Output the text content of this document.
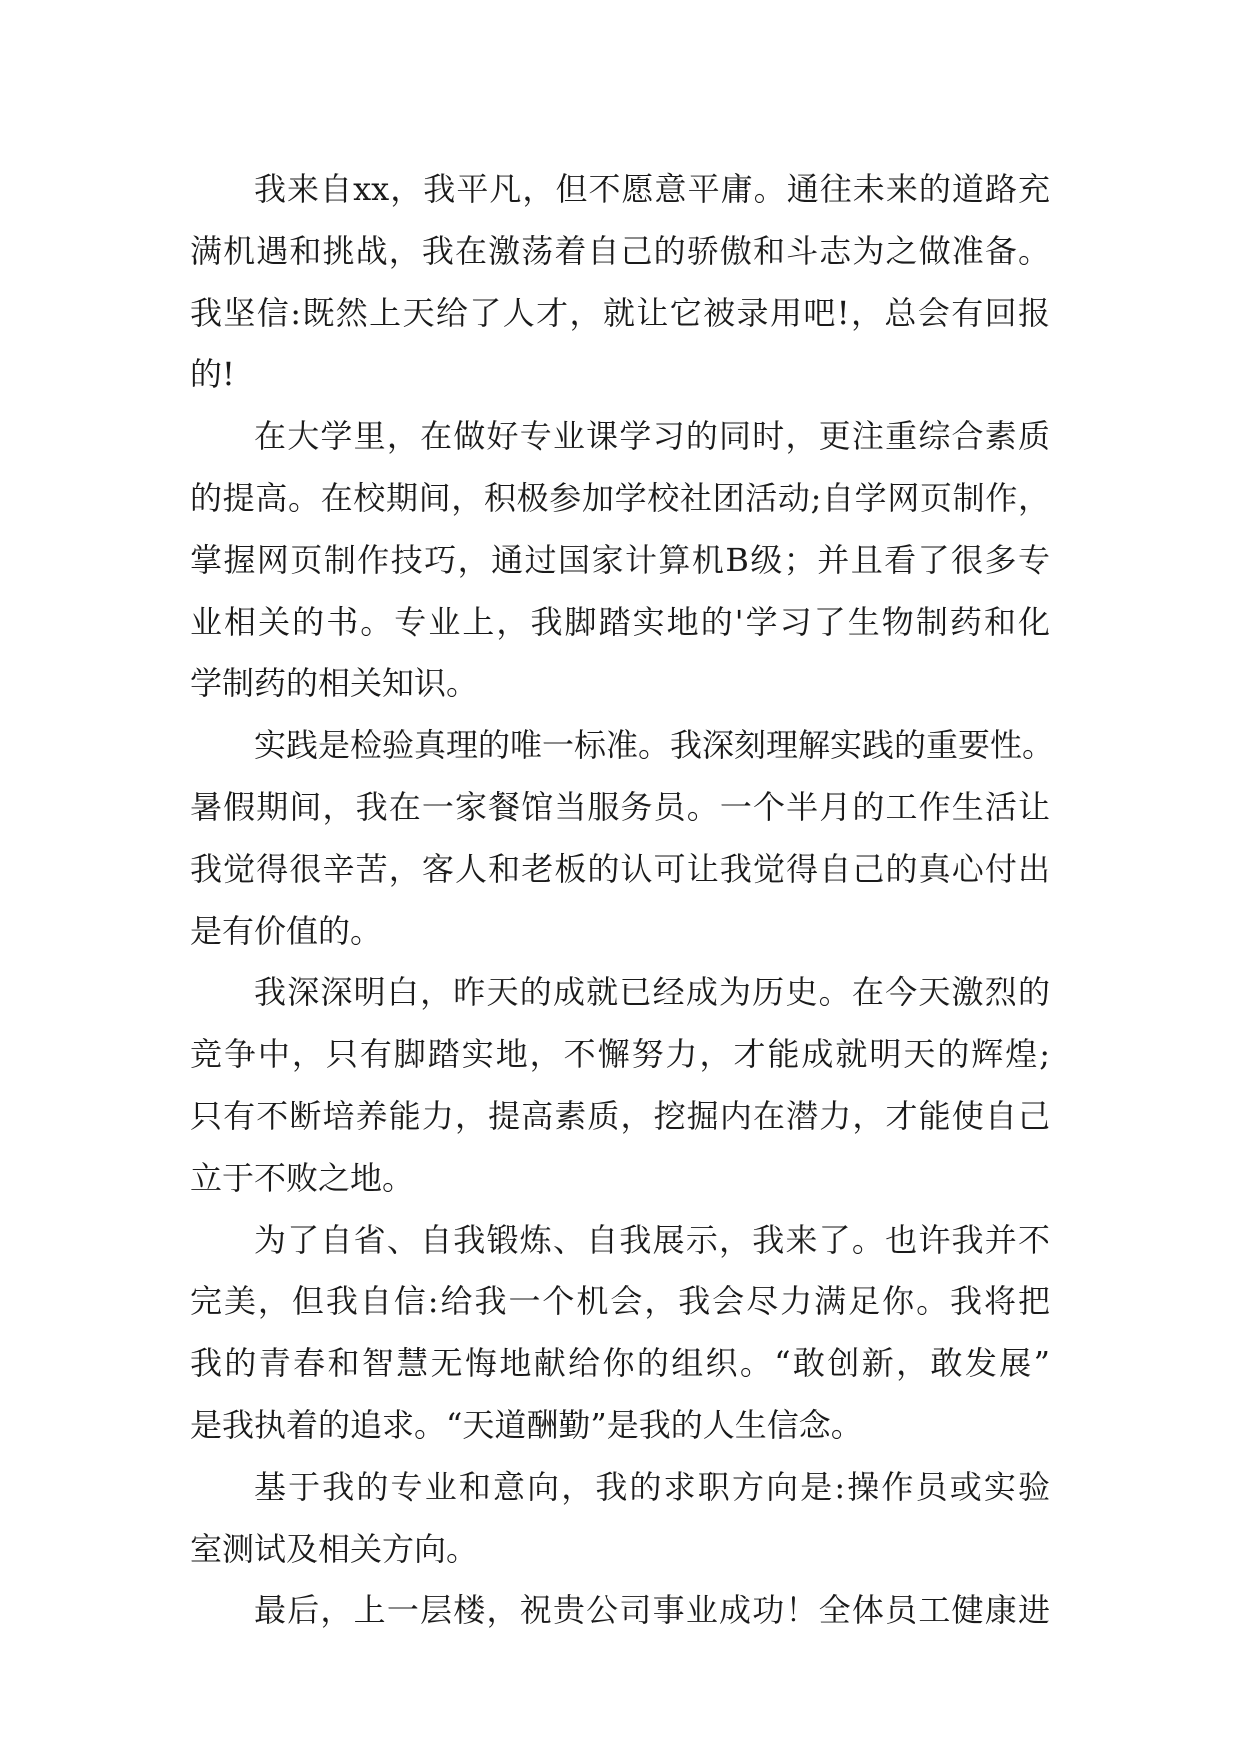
我来自xx，我平凡，但不愿意平庸。通往未来的道路充
满机遇和挑战，我在激荡着自己的骄傲和斗志为之做准备。
我坚信:既然上天给了人才，就让它被录用吧!，总会有回报
的!
在大学里，在做好专业课学习的同时，更注重综合素质
的提高。在校期间，积极参加学校社团活动;自学网页制作，
掌握网页制作技巧，通过国家计算机B级；并且看了很多专
业相关的书。专业上，我脚踏实地的'学习了生物制药和化
学制药的相关知识。
实践是检验真理的唯一标准。我深刻理解实践的重要性。
暑假期间，我在一家餐馆当服务员。一个半月的工作生活让
我觉得很辛苦，客人和老板的认可让我觉得自己的真心付出
是有价值的。
我深深明白，昨天的成就已经成为历史。在今天激烈的
竞争中，只有脚踏实地，不懈努力，才能成就明天的辉煌;
只有不断培养能力，提高素质，挖掘内在潜力，才能使自己
立于不败之地。
为了自省、自我锻炼、自我展示，我来了。也许我并不
完美，但我自信:给我一个机会，我会尽力满足你。我将把
我的青春和智慧无悔地献给你的组织。“敢创新，敢发展”
是我执着的追求。“天道酬勤”是我的人生信念。
基于我的专业和意向，我的求职方向是:操作员或实验
室测试及相关方向。
最后，上一层楼，祝贵公司事业成功！全体员工健康进
